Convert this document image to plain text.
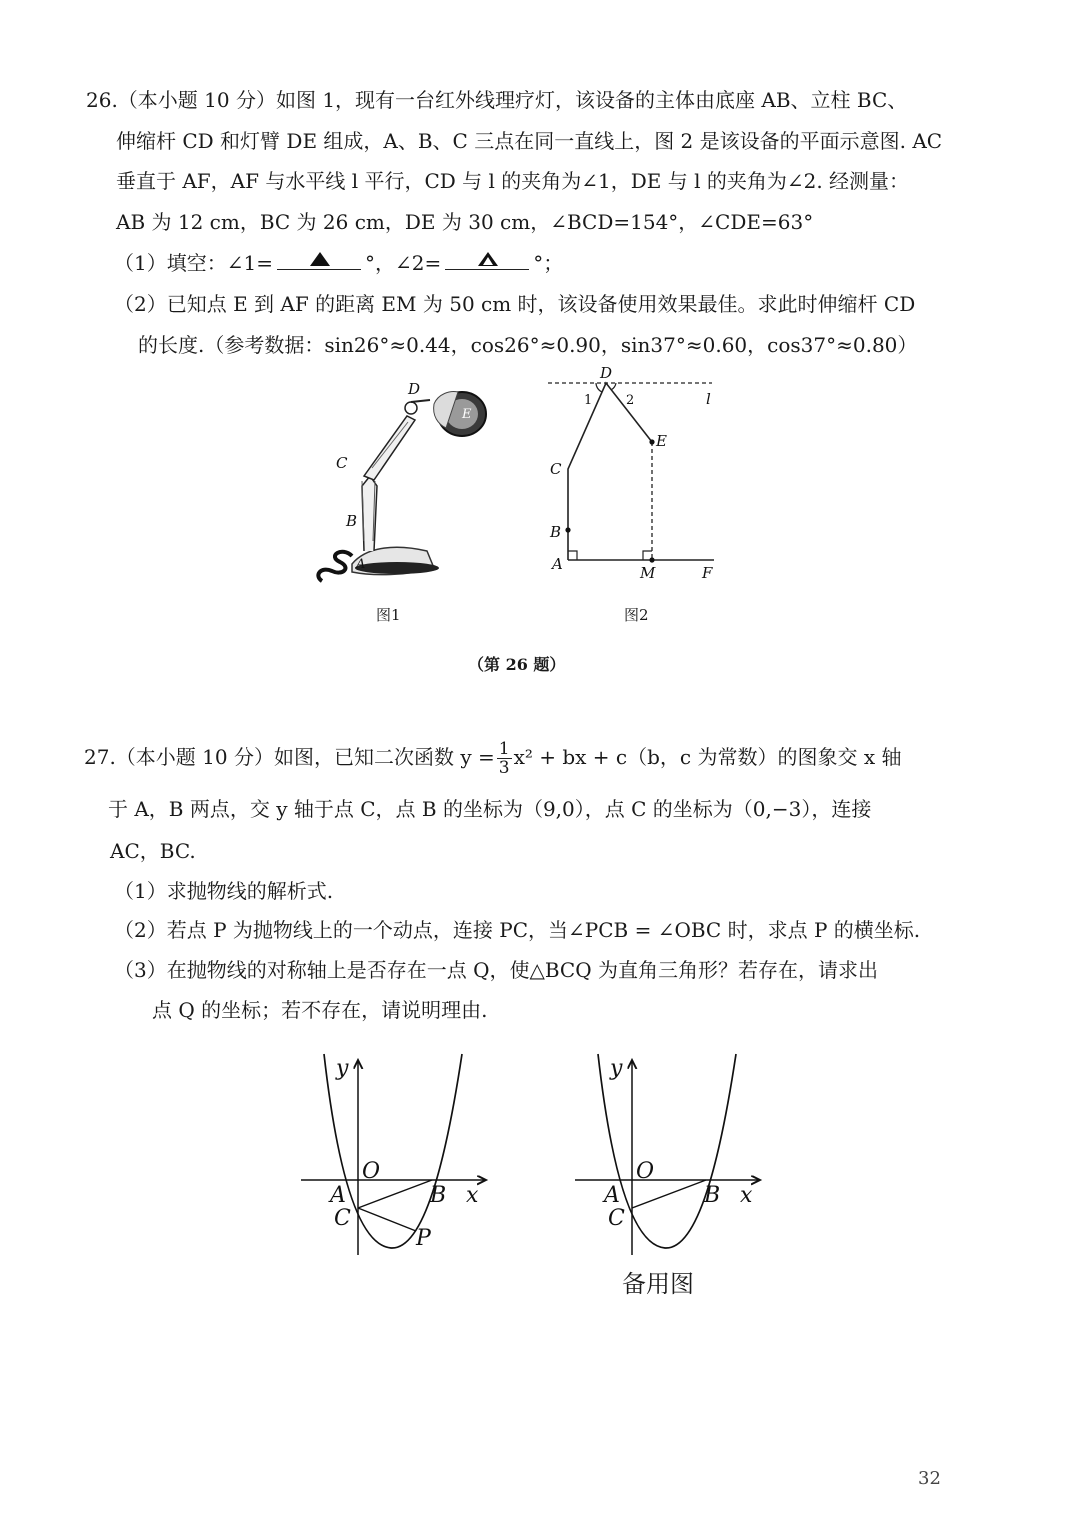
26.（本小题 10 分）如图 1，现有一台红外线理疗灯，该设备的主体由底座 AB、立柱 BC、
伸缩杆 CD 和灯臂 DE 组成，A、B、C 三点在同一直线上，图 2 是该设备的平面示意图. AC
垂直于 AF，AF 与水平线 l 平行，CD 与 l 的夹角为∠1，DE 与 l 的夹角为∠2. 经测量：
AB 为 12 cm，BC 为 26 cm，DE 为 30 cm，∠BCD=154°，∠CDE=63°
（1）填空：∠1=	°，∠2=	°；
（2）已知点 E 到 AF 的距离 EM 为 50 cm 时，该设备使用效果最佳。求此时伸缩杆 CD
的长度.（参考数据：sin26°≈0.44，cos26°≈0.90，sin37°≈0.60，cos37°≈0.80）
D
E
C
B
A
D
l
1	2
E
C
B
A	M	F
图1	图2
（第 26 题）
27.（本小题 10 分）如图，已知二次函数 $y = \frac{1}{3} x^2$ + bx + c（b，c 为常数）的图象交 x 轴
于 A，B 两点，交 y 轴于点 C，点 B 的坐标为（9,0），点 C 的坐标为（0,−3），连接
AC，BC.
（1）求抛物线的解析式.
（2）若点 P 为抛物线上的一个动点，连接 PC，当∠PCB = ∠OBC 时，求点 P 的横坐标.
（3）在抛物线的对称轴上是否存在一点 Q，使△BCQ 为直角三角形？若存在，请求出
点 Q 的坐标；若不存在，请说明理由.
y
O
A	B x
C
P
y
O
A	B x
C
备用图
32
